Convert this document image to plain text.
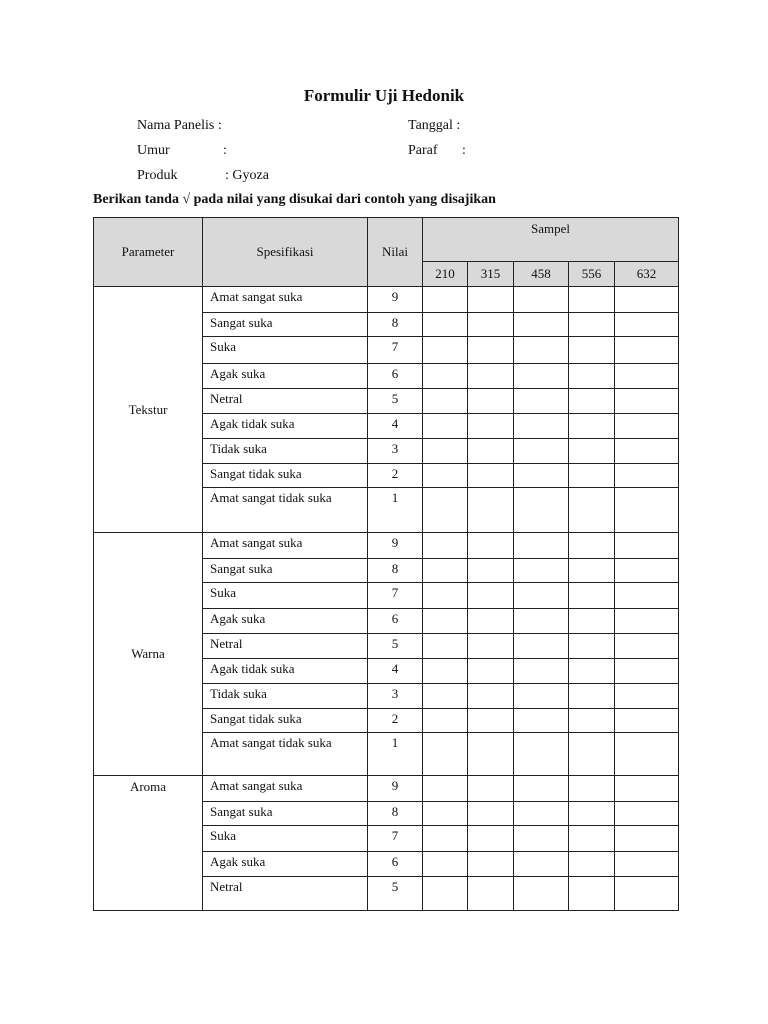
Formulir Uji Hedonik
Nama Panelis :	Tanggal :
Umur	:	Paraf :
Produk	: Gyoza
Berikan tanda √ pada nilai yang disukai dari contoh yang disajikan
Parameter	Spesifikasi	Nilai	Sampel				
			210	315	458	556	632
Tekstur	Amat sangat suka	9					
	Sangat suka	8					
	Suka	7					
	Agak suka	6					
	Netral	5					
	Agak tidak suka	4					
	Tidak suka	3					
	Sangat tidak suka	2					
	Amat sangat tidak suka	1					
Warna	Amat sangat suka	9					
	Sangat suka	8					
	Suka	7					
	Agak suka	6					
	Netral	5					
	Agak tidak suka	4					
	Tidak suka	3					
	Sangat tidak suka	2					
	Amat sangat tidak suka	1					
Aroma	Amat sangat suka	9					
	Sangat suka	8					
	Suka	7					
	Agak suka	6					
	Netral	5					
